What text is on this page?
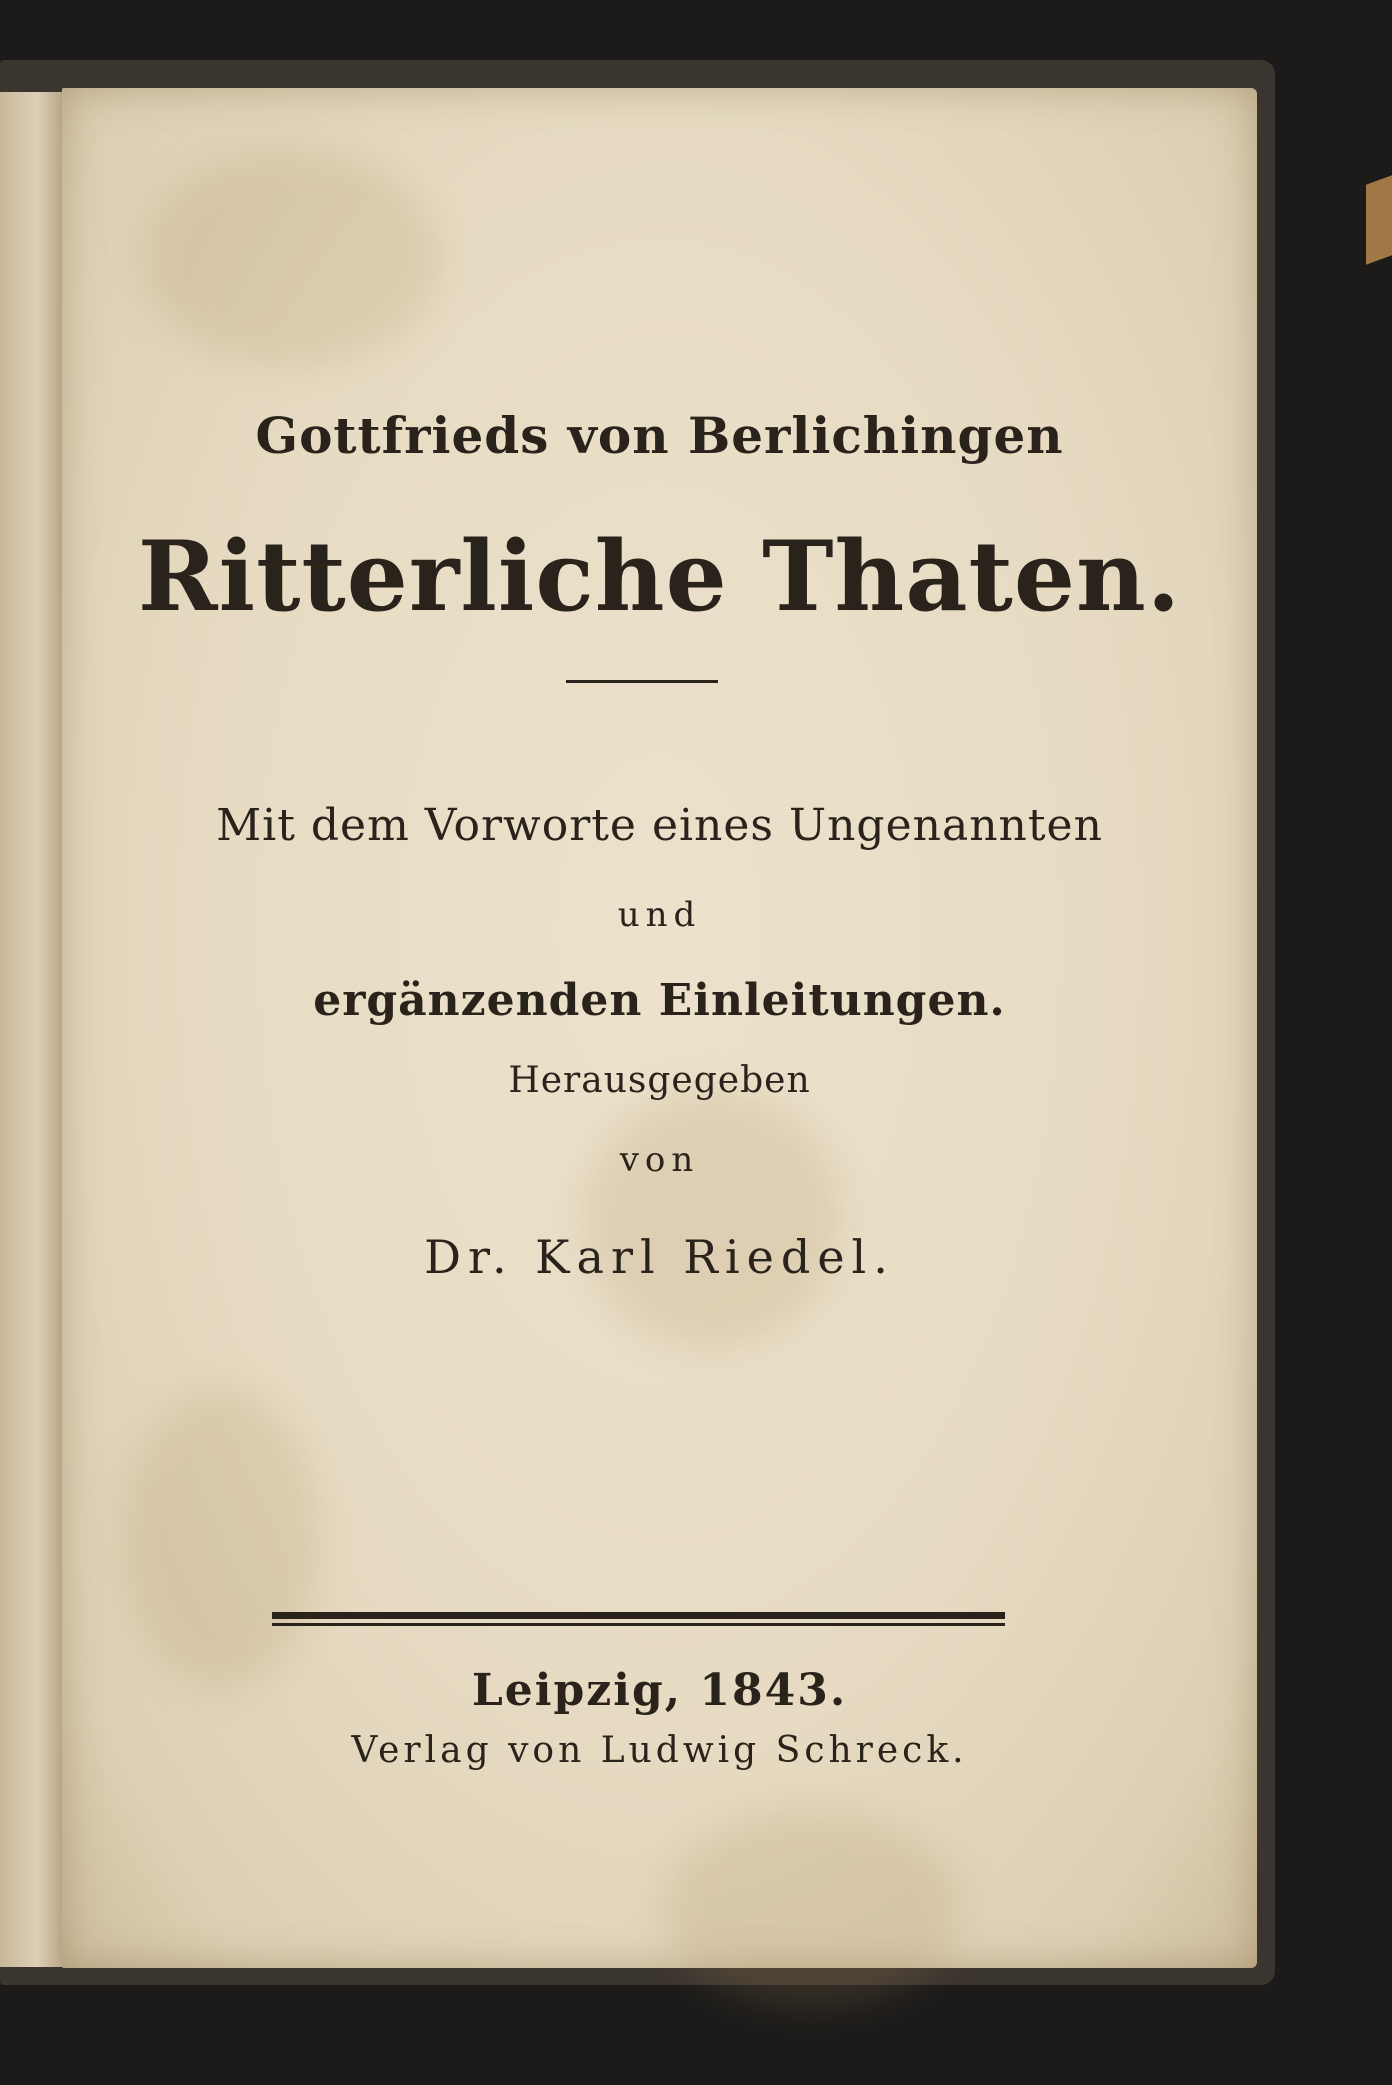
Gottfrieds von Berlichingen
Ritterliche Thaten.
Mit dem Vorworte eines Ungenannten
und
ergänzenden Einleitungen.
Herausgegeben
von
Dr. Karl Riedel.
Leipzig, 1843.
Verlag von Ludwig Schreck.
